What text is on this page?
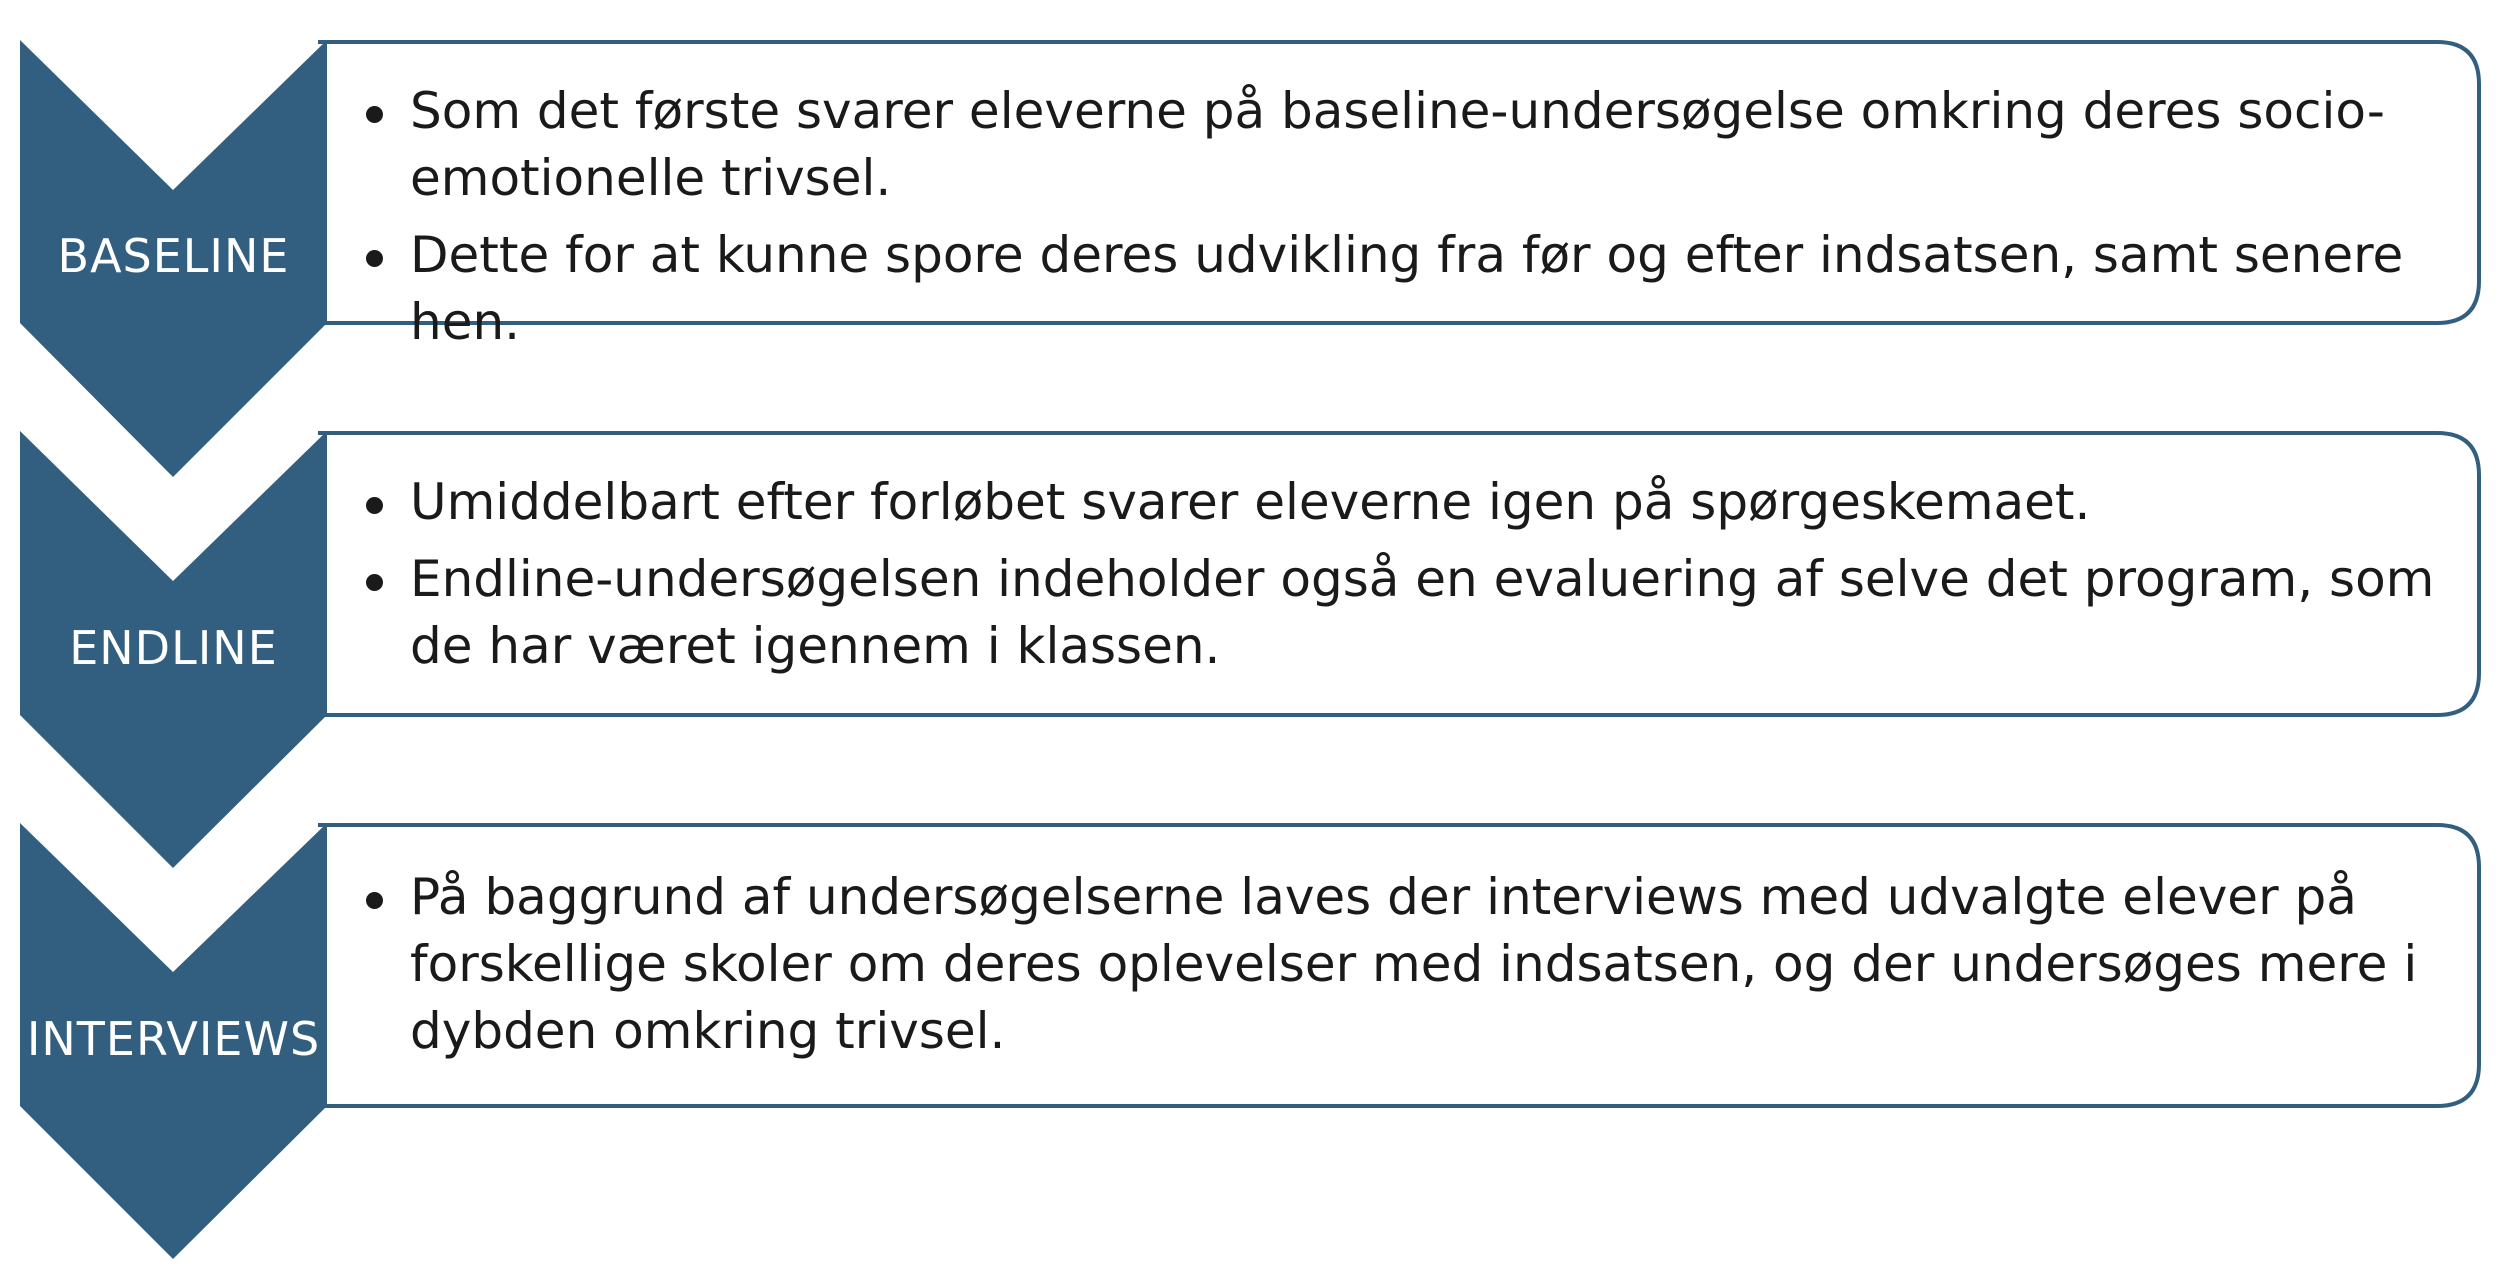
BASELINE

Som det første svarer eleverne på baseline-undersøgelse omkring deres socio-emotionelle trivsel.
Dette for at kunne spore deres udvikling fra før og efter indsatsen, samt senere hen.

ENDLINE

Umiddelbart efter forløbet svarer eleverne igen på spørgeskemaet.
Endline-undersøgelsen indeholder også en evaluering af selve det program, som de har været igennem i klassen.

INTERVIEWS

På baggrund af undersøgelserne laves der interviews med udvalgte elever på forskellige skoler om deres oplevelser med indsatsen, og der undersøges mere i dybden omkring trivsel.
